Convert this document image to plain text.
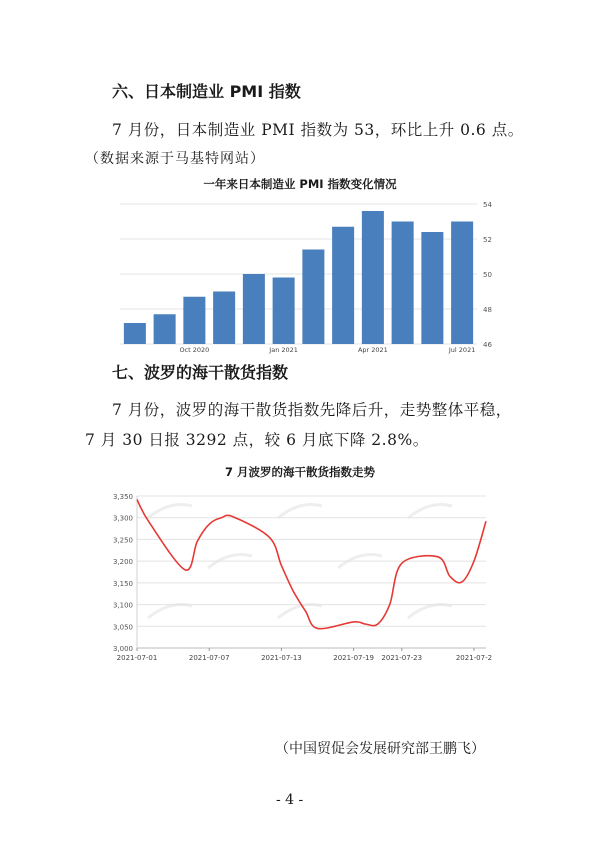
六、日本制造业 PMI 指数
7 月份，日本制造业 PMI 指数为 53，环比上升 0.6 点。
（数据来源于马基特网站）
一年来日本制造业 PMI 指数变化情况
46
48
50
52
54
Oct 2020	Jan 2021	Apr 2021	Jul 2021
七、波罗的海干散货指数
7 月份，波罗的海干散货指数先降后升，走势整体平稳，
7 月 30 日报 3292 点，较 6 月底下降 2.8%。
7 月波罗的海干散货指数走势
3,000
3,050
3,100
3,150
3,200
3,250
3,300
3,350
2021-07-01	2021-07-07	2021-07-13	2021-07-19 2021-07-23	2021-07-2
（中国贸促会发展研究部王鹏飞）
- 4 -
